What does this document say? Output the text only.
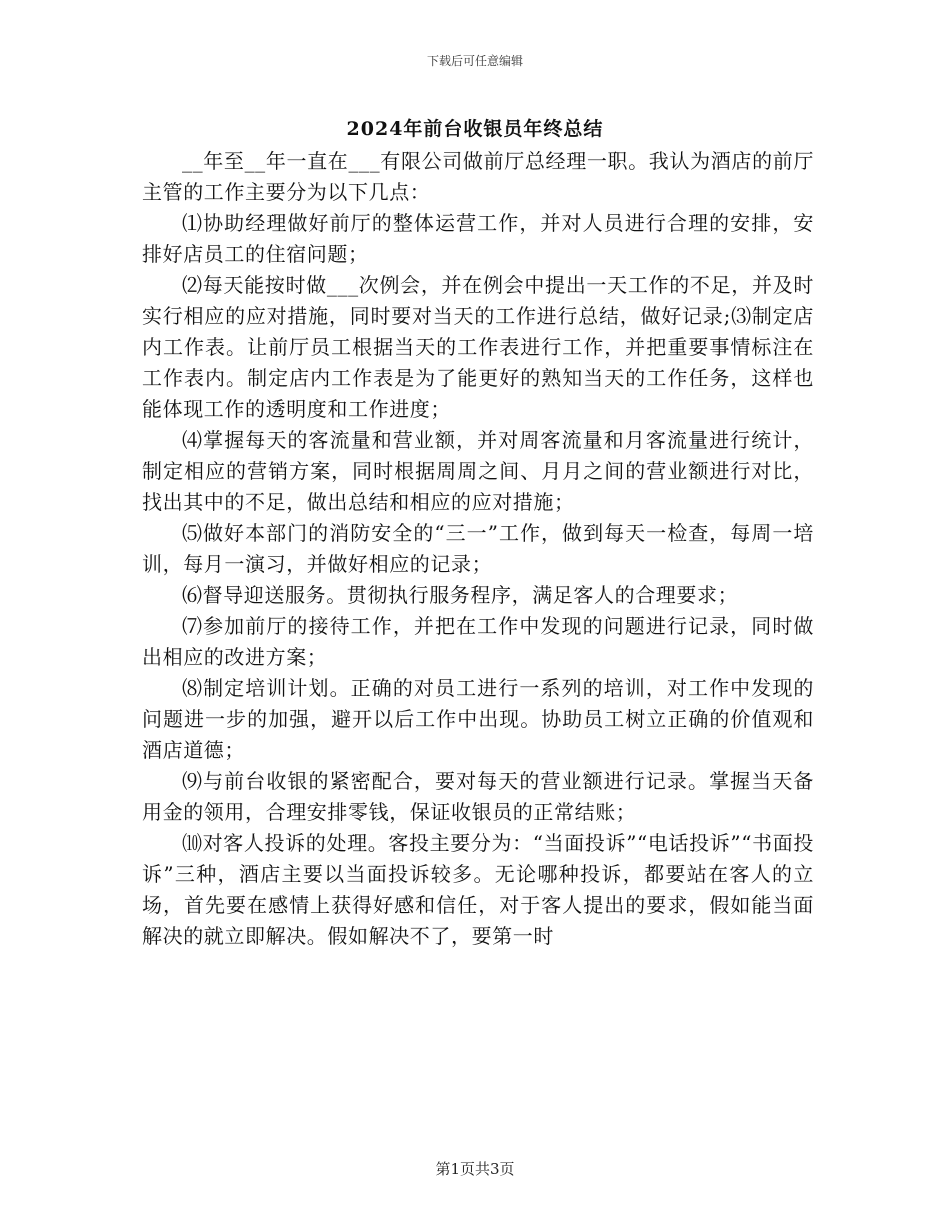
下载后可任意编辑
2024年前台收银员年终总结

__年至__年一直在___有限公司做前厅总经理一职。我认为酒店的前厅主管的工作主要分为以下几点：

⑴协助经理做好前厅的整体运营工作，并对人员进行合理的安排，安排好店员工的住宿问题；

⑵每天能按时做___次例会，并在例会中提出一天工作的不足，并及时实行相应的应对措施，同时要对当天的工作进行总结，做好记录;⑶制定店内工作表。让前厅员工根据当天的工作表进行工作，并把重要事情标注在工作表内。制定店内工作表是为了能更好的熟知当天的工作任务，这样也能体现工作的透明度和工作进度；

⑷掌握每天的客流量和营业额，并对周客流量和月客流量进行统计，制定相应的营销方案，同时根据周周之间、月月之间的营业额进行对比，找出其中的不足，做出总结和相应的应对措施；

⑸做好本部门的消防安全的“三一”工作，做到每天一检查，每周一培训，每月一演习，并做好相应的记录；

⑹督导迎送服务。贯彻执行服务程序，满足客人的合理要求；

⑺参加前厅的接待工作，并把在工作中发现的问题进行记录，同时做出相应的改进方案；

⑻制定培训计划。正确的对员工进行一系列的培训，对工作中发现的问题进一步的加强，避开以后工作中出现。协助员工树立正确的价值观和酒店道德；

⑼与前台收银的紧密配合，要对每天的营业额进行记录。掌握当天备用金的领用，合理安排零钱，保证收银员的正常结账；

⑽对客人投诉的处理。客投主要分为：“当面投诉”“电话投诉”“书面投诉”三种，酒店主要以当面投诉较多。无论哪种投诉，都要站在客人的立场，首先要在感情上获得好感和信任，对于客人提出的要求，假如能当面解决的就立即解决。假如解决不了，要第一时

第1页共3页
